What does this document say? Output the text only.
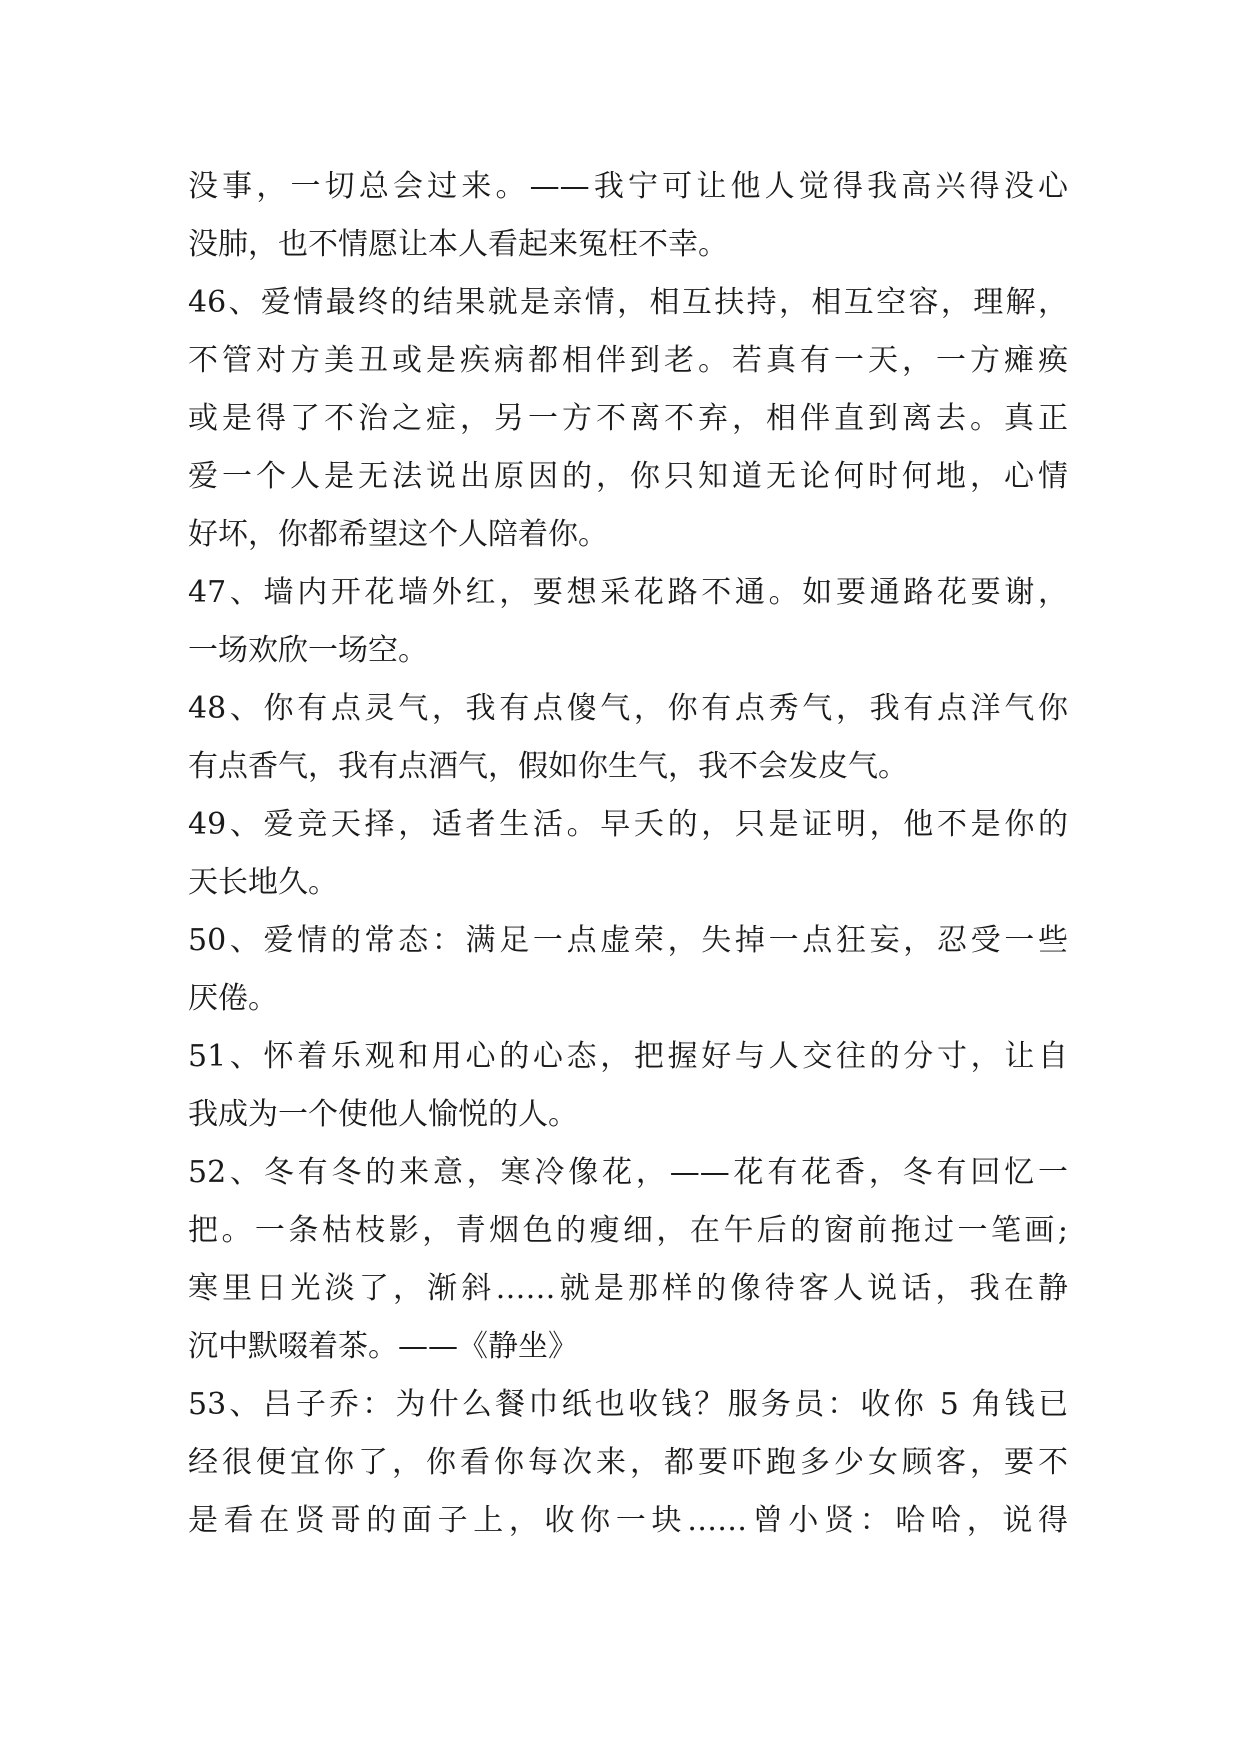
没事，一切总会过来。——我宁可让他人觉得我高兴得没心
没肺，也不情愿让本人看起来冤枉不幸。
46、爱情最终的结果就是亲情，相互扶持，相互空容，理解，
不管对方美丑或是疾病都相伴到老。若真有一天，一方瘫痪
或是得了不治之症，另一方不离不弃，相伴直到离去。真正
爱一个人是无法说出原因的，你只知道无论何时何地，心情
好坏，你都希望这个人陪着你。
47、墙内开花墙外红，要想采花路不通。如要通路花要谢，
一场欢欣一场空。
48、你有点灵气，我有点傻气，你有点秀气，我有点洋气你
有点香气，我有点酒气，假如你生气，我不会发皮气。
49、爱竞天择，适者生活。早夭的，只是证明，他不是你的
天长地久。
50、爱情的常态：满足一点虚荣，失掉一点狂妄，忍受一些
厌倦。
51、怀着乐观和用心的心态，把握好与人交往的分寸，让自
我成为一个使他人愉悦的人。
52、冬有冬的来意，寒冷像花，——花有花香，冬有回忆一
把。一条枯枝影，青烟色的瘦细，在午后的窗前拖过一笔画;
寒里日光淡了，渐斜……就是那样的像待客人说话，我在静
沉中默啜着茶。——《静坐》
53、吕子乔：为什么餐巾纸也收钱？服务员：收你 5 角钱已
经很便宜你了，你看你每次来，都要吓跑多少女顾客，要不
是看在贤哥的面子上，收你一块……曾小贤：哈哈，说得
